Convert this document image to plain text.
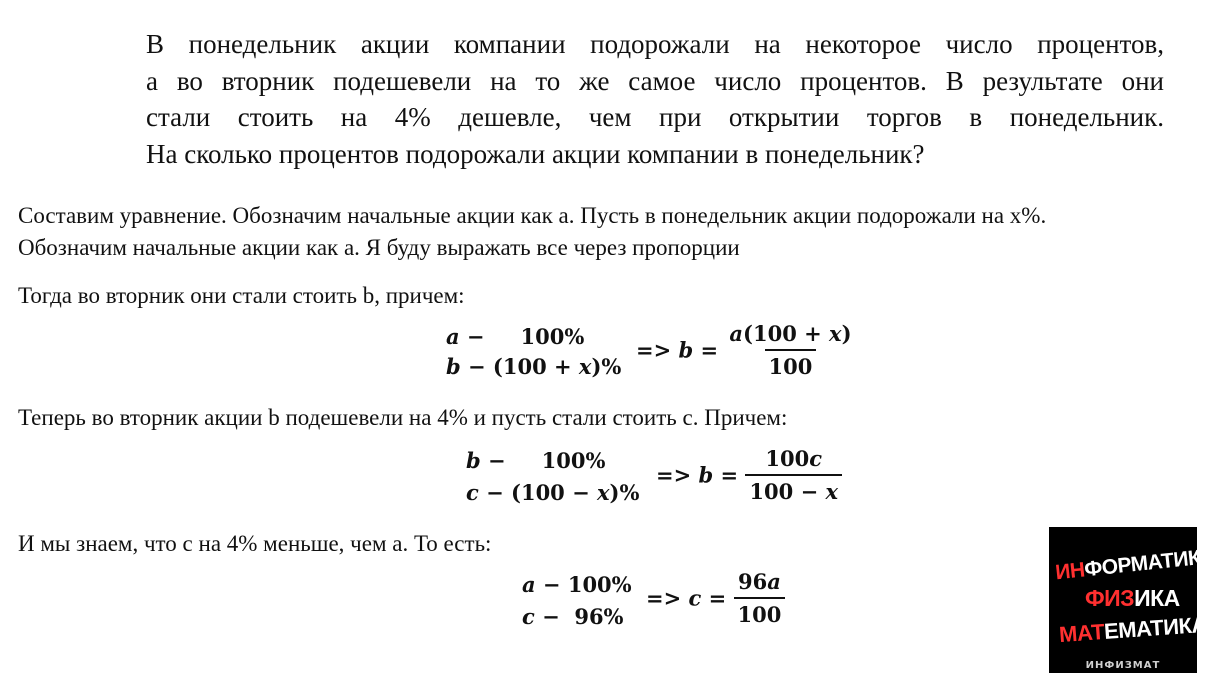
В понедельник акции компании подорожали на некоторое число процентов,
а во вторник подешевели на то же самое число процентов. В результате они
стали стоить на 4% дешевле, чем при открытии торгов в понедельник.
На сколько процентов подорожали акции компании в понедельник?
Составим уравнение. Обозначим начальные акции как а. Пусть в понедельник акции подорожали на х%.
Обозначим начальные акции как а. Я буду выражать все через пропорции
Тогда во вторник они стали стоить b, причем:
a − 100%
b − (100 + x)%
=> $b = \frac{a(100 + x)}{100}$
Теперь во вторник акции b подешевели на 4% и пусть стали стоить с. Причем:
b − 100%
c − (100 − x)%
=> $b = \frac{100c}{100 - x}$
И мы знаем, что с на 4% меньше, чем а. То есть:
a − 100%
c −  96%
=> $c = \frac{96a}{100}$	ИНФОРМАТИКА
ФИЗИКА
МАТЕМАТИКА
ИНФИЗМАТ
